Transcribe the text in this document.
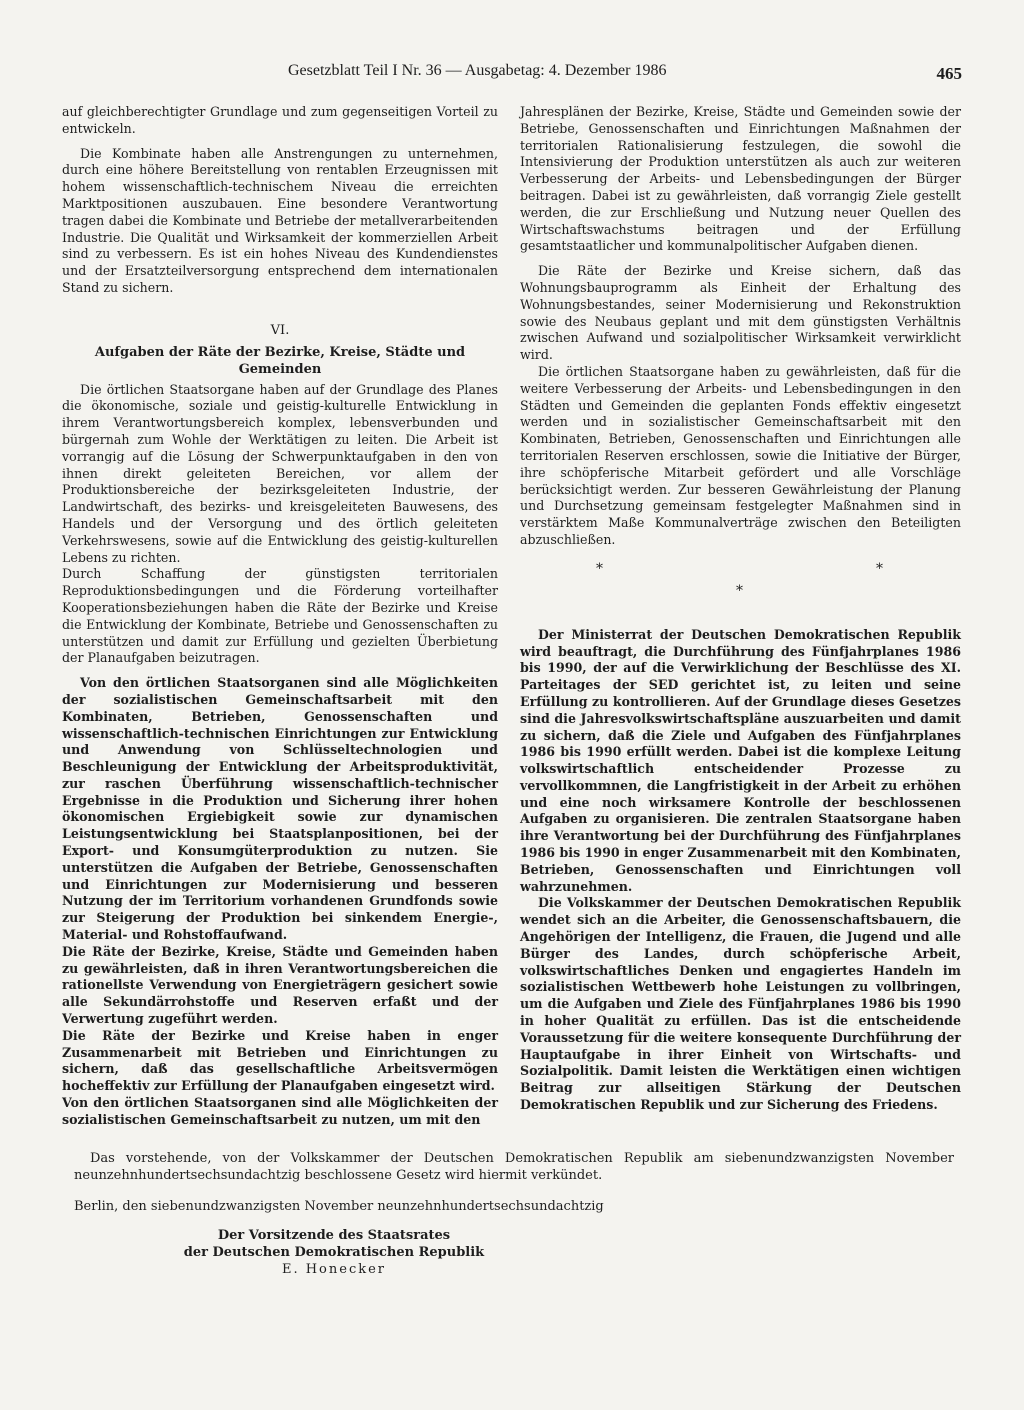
Gesetzblatt Teil I Nr. 36 — Ausgabetag: 4. Dezember 1986	465

auf gleichberechtigter Grundlage und zum gegenseitigen Vorteil zu entwickeln.

Die Kombinate haben alle Anstrengungen zu unternehmen, durch eine höhere Bereitstellung von rentablen Erzeugnissen mit hohem wissenschaftlich-technischem Niveau die erreichten Marktpositionen auszubauen. Eine besondere Verantwortung tragen dabei die Kombinate und Betriebe der metallverarbeitenden Industrie. Die Qualität und Wirksamkeit der kommerziellen Arbeit sind zu verbessern. Es ist ein hohes Niveau des Kundendienstes und der Ersatzteilversorgung entsprechend dem internationalen Stand zu sichern.

VI.
Aufgaben der Räte der Bezirke, Kreise, Städte und Gemeinden

Die örtlichen Staatsorgane haben auf der Grundlage des Planes die ökonomische, soziale und geistig-kulturelle Entwicklung in ihrem Verantwortungsbereich komplex, lebensverbunden und bürgernah zum Wohle der Werktätigen zu leiten. Die Arbeit ist vorrangig auf die Lösung der Schwerpunktaufgaben in den von ihnen direkt geleiteten Bereichen, vor allem der Produktionsbereiche der bezirksgeleiteten Industrie, der Landwirtschaft, des bezirks- und kreisgeleiteten Bauwesens, des Handels und der Versorgung und des örtlich geleiteten Verkehrswesens, sowie auf die Entwicklung des geistig-kulturellen Lebens zu richten.

Durch Schaffung der günstigsten territorialen Reproduktionsbedingungen und die Förderung vorteilhafter Kooperationsbeziehungen haben die Räte der Bezirke und Kreise die Entwicklung der Kombinate, Betriebe und Genossenschaften zu unterstützen und damit zur Erfüllung und gezielten Überbietung der Planaufgaben beizutragen.

Von den örtlichen Staatsorganen sind alle Möglichkeiten der sozialistischen Gemeinschaftsarbeit mit den Kombinaten, Betrieben, Genossenschaften und wissenschaftlich-technischen Einrichtungen zur Entwicklung und Anwendung von Schlüsseltechnologien und Beschleunigung der Entwicklung der Arbeitsproduktivität, zur raschen Überführung wissenschaftlich-technischer Ergebnisse in die Produktion und Sicherung ihrer hohen ökonomischen Ergiebigkeit sowie zur dynamischen Leistungsentwicklung bei Staatsplanpositionen, bei der Export- und Konsumgüterproduktion zu nutzen. Sie unterstützen die Aufgaben der Betriebe, Genossenschaften und Einrichtungen zur Modernisierung und besseren Nutzung der im Territorium vorhandenen Grundfonds sowie zur Steigerung der Produktion bei sinkendem Energie-, Material- und Rohstoffaufwand.

Die Räte der Bezirke, Kreise, Städte und Gemeinden haben zu gewährleisten, daß in ihren Verantwortungsbereichen die rationellste Verwendung von Energieträgern gesichert sowie alle Sekundärrohstoffe und Reserven erfaßt und der Verwertung zugeführt werden.

Die Räte der Bezirke und Kreise haben in enger Zusammenarbeit mit Betrieben und Einrichtungen zu sichern, daß das gesellschaftliche Arbeitsvermögen hocheffektiv zur Erfüllung der Planaufgaben eingesetzt wird.

Von den örtlichen Staatsorganen sind alle Möglichkeiten der sozialistischen Gemeinschaftsarbeit zu nutzen, um mit den

Jahresplänen der Bezirke, Kreise, Städte und Gemeinden sowie der Betriebe, Genossenschaften und Einrichtungen Maßnahmen der territorialen Rationalisierung festzulegen, die sowohl die Intensivierung der Produktion unterstützen als auch zur weiteren Verbesserung der Arbeits- und Lebensbedingungen der Bürger beitragen. Dabei ist zu gewährleisten, daß vorrangig Ziele gestellt werden, die zur Erschließung und Nutzung neuer Quellen des Wirtschaftswachstums beitragen und der Erfüllung gesamtstaatlicher und kommunalpolitischer Aufgaben dienen.

Die Räte der Bezirke und Kreise sichern, daß das Wohnungsbauprogramm als Einheit der Erhaltung des Wohnungsbestandes, seiner Modernisierung und Rekonstruktion sowie des Neubaus geplant und mit dem günstigsten Verhältnis zwischen Aufwand und sozialpolitischer Wirksamkeit verwirklicht wird.

Die örtlichen Staatsorgane haben zu gewährleisten, daß für die weitere Verbesserung der Arbeits- und Lebensbedingungen in den Städten und Gemeinden die geplanten Fonds effektiv eingesetzt werden und in sozialistischer Gemeinschaftsarbeit mit den Kombinaten, Betrieben, Genossenschaften und Einrichtungen alle territorialen Reserven erschlossen, sowie die Initiative der Bürger, ihre schöpferische Mitarbeit gefördert und alle Vorschläge berücksichtigt werden. Zur besseren Gewährleistung der Planung und Durchsetzung gemeinsam festgelegter Maßnahmen sind in verstärktem Maße Kommunalverträge zwischen den Beteiligten abzuschließen.

*	*
*

Der Ministerrat der Deutschen Demokratischen Republik wird beauftragt, die Durchführung des Fünfjahrplanes 1986 bis 1990, der auf die Verwirklichung der Beschlüsse des XI. Parteitages der SED gerichtet ist, zu leiten und seine Erfüllung zu kontrollieren. Auf der Grundlage dieses Gesetzes sind die Jahresvolkswirtschaftspläne auszuarbeiten und damit zu sichern, daß die Ziele und Aufgaben des Fünfjahrplanes 1986 bis 1990 erfüllt werden. Dabei ist die komplexe Leitung volkswirtschaftlich entscheidender Prozesse zu vervollkommnen, die Langfristigkeit in der Arbeit zu erhöhen und eine noch wirksamere Kontrolle der beschlossenen Aufgaben zu organisieren. Die zentralen Staatsorgane haben ihre Verantwortung bei der Durchführung des Fünfjahrplanes 1986 bis 1990 in enger Zusammenarbeit mit den Kombinaten, Betrieben, Genossenschaften und Einrichtungen voll wahrzunehmen.

Die Volkskammer der Deutschen Demokratischen Republik wendet sich an die Arbeiter, die Genossenschaftsbauern, die Angehörigen der Intelligenz, die Frauen, die Jugend und alle Bürger des Landes, durch schöpferische Arbeit, volkswirtschaftliches Denken und engagiertes Handeln im sozialistischen Wettbewerb hohe Leistungen zu vollbringen, um die Aufgaben und Ziele des Fünfjahrplanes 1986 bis 1990 in hoher Qualität zu erfüllen. Das ist die entscheidende Voraussetzung für die weitere konsequente Durchführung der Hauptaufgabe in ihrer Einheit von Wirtschafts- und Sozialpolitik. Damit leisten die Werktätigen einen wichtigen Beitrag zur allseitigen Stärkung der Deutschen Demokratischen Republik und zur Sicherung des Friedens.

Das vorstehende, von der Volkskammer der Deutschen Demokratischen Republik am siebenundzwanzigsten November neunzehnhundertsechsundachtzig beschlossene Gesetz wird hiermit verkündet.

Berlin, den siebenundzwanzigsten November neunzehnhundertsechsundachtzig

Der Vorsitzende des Staatsrates
der Deutschen Demokratischen Republik
E. Honecker
